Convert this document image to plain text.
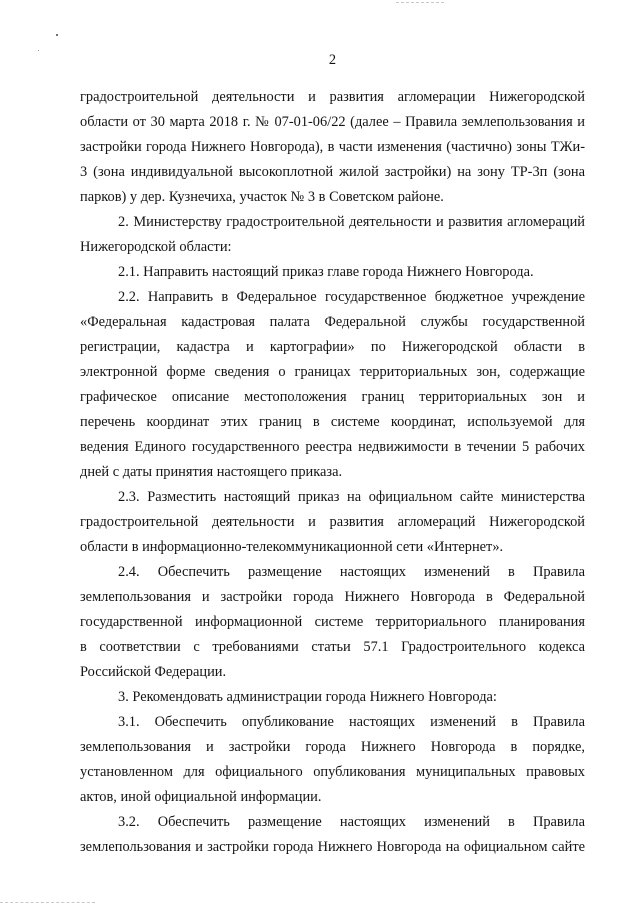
2
градостроительной деятельности и развития агломерации Нижегородской
области от 30 марта 2018 г. № 07-01-06/22 (далее – Правила землепользования и
застройки города Нижнего Новгорода), в части изменения (частично) зоны ТЖи-
3 (зона индивидуальной высокоплотной жилой застройки) на зону ТР-3п (зона
парков) у дер. Кузнечиха, участок № 3 в Советском районе.
2. Министерству градостроительной деятельности и развития агломераций
Нижегородской области:
2.1. Направить настоящий приказ главе города Нижнего Новгорода.
2.2. Направить в Федеральное государственное бюджетное учреждение
«Федеральная кадастровая палата Федеральной службы государственной
регистрации, кадастра и картографии» по Нижегородской области в
электронной форме сведения о границах территориальных зон, содержащие
графическое описание местоположения границ территориальных зон и
перечень координат этих границ в системе координат, используемой для
ведения Единого государственного реестра недвижимости в течении 5 рабочих
дней с даты принятия настоящего приказа.
2.3. Разместить настоящий приказ на официальном сайте министерства
градостроительной деятельности и развития агломераций Нижегородской
области в информационно-телекоммуникационной сети «Интернет».
2.4. Обеспечить размещение настоящих изменений в Правила
землепользования и застройки города Нижнего Новгорода в Федеральной
государственной информационной системе территориального планирования
в соответствии с требованиями статьи 57.1 Градостроительного кодекса
Российской Федерации.
3. Рекомендовать администрации города Нижнего Новгорода:
3.1. Обеспечить опубликование настоящих изменений в Правила
землепользования и застройки города Нижнего Новгорода в порядке,
установленном для официального опубликования муниципальных правовых
актов, иной официальной информации.
3.2. Обеспечить размещение настоящих изменений в Правила
землепользования и застройки города Нижнего Новгорода на официальном сайте
